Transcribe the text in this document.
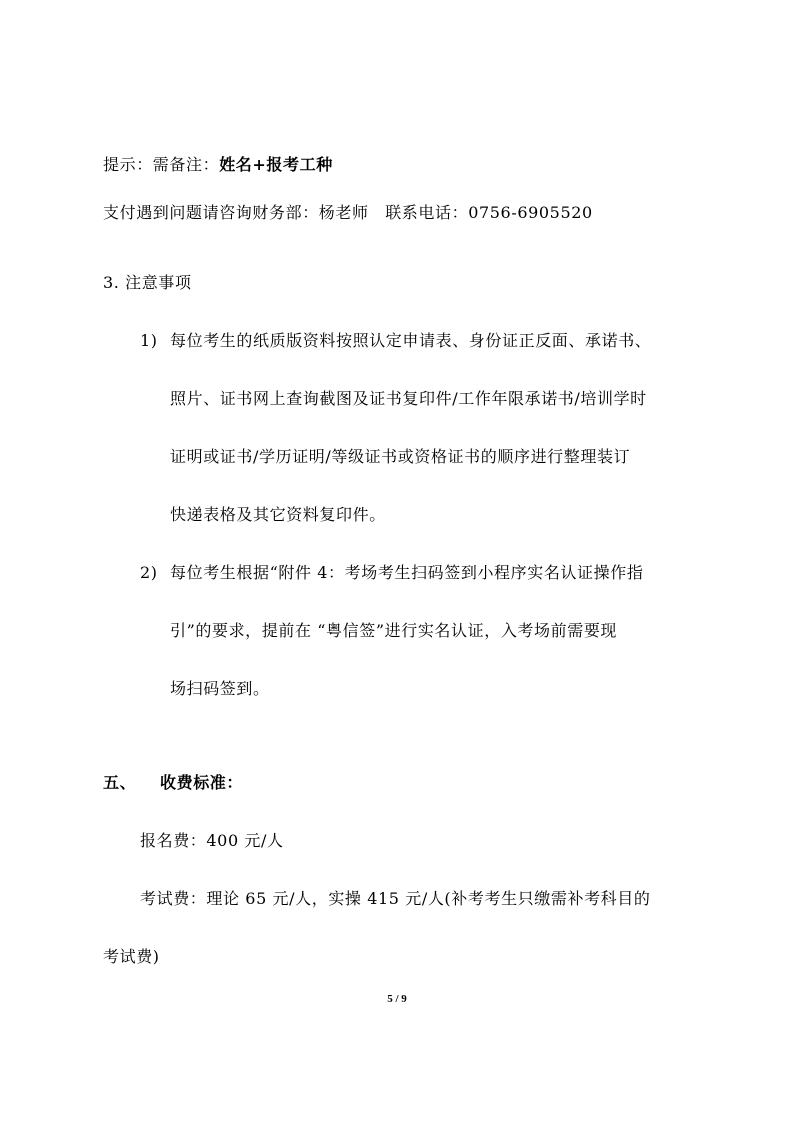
提示：需备注：姓名+报考工种
支付遇到问题请咨询财务部：杨老师　联系电话：0756-6905520
3. 注意事项
1) 每位考生的纸质版资料按照认定申请表、身份证正反面、承诺书、
照片、证书网上查询截图及证书复印件/工作年限承诺书/培训学时
证明或证书/学历证明/等级证书或资格证书的顺序进行整理装订
快递表格及其它资料复印件。
2) 每位考生根据“附件 4：考场考生扫码签到小程序实名认证操作指
引”的要求，提前在 “粤信签”进行实名认证，入考场前需要现
场扫码签到。
五、 收费标准：
报名费：400 元/人
考试费：理论 65 元/人，实操 415 元/人(补考考生只缴需补考科目的
考试费)
5 / 9
